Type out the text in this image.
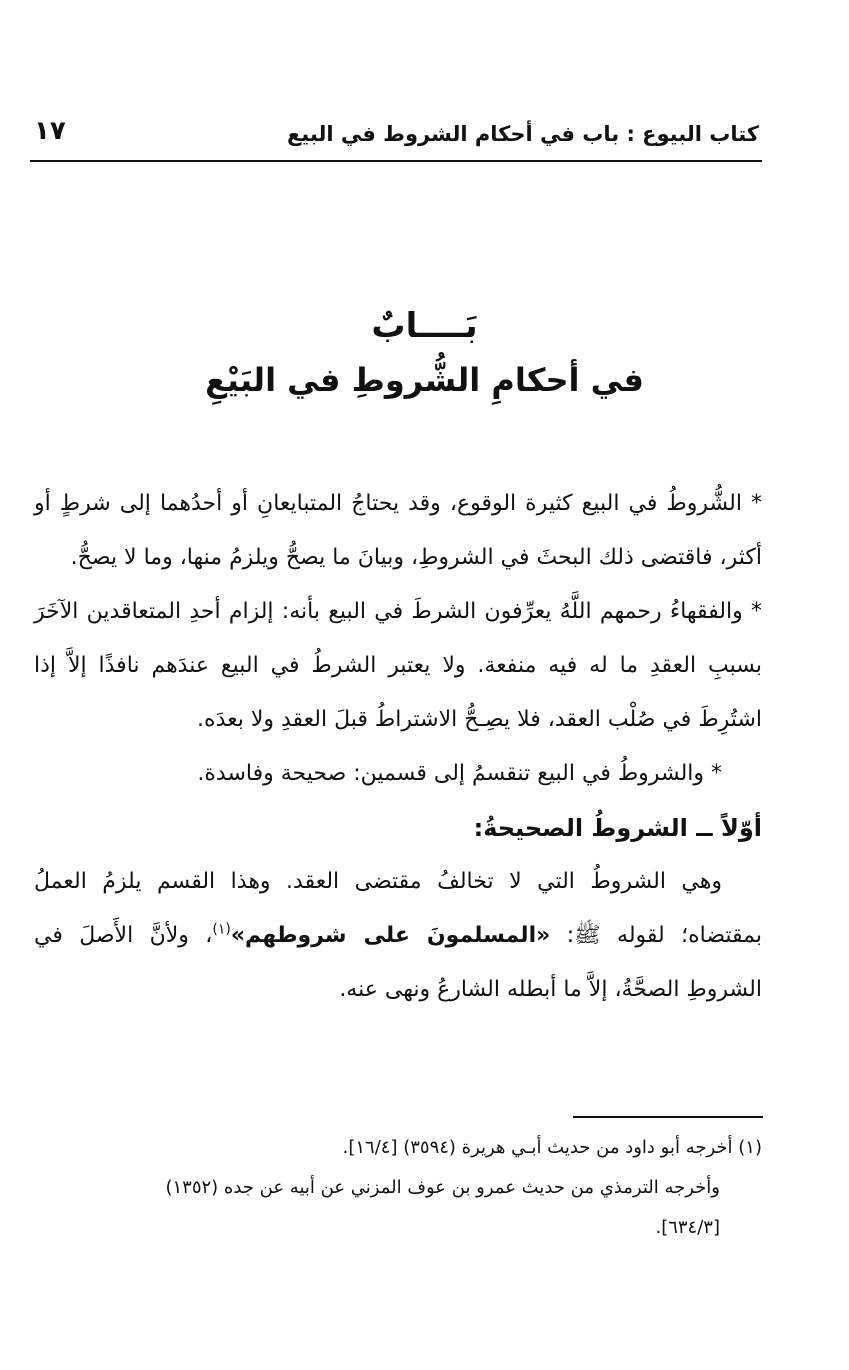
كتاب البيوع : باب في أحكام الشروط في البيع
١٧
بَــــابٌ
في أحكامِ الشُّروطِ في البَيْعِ

* الشُّروطُ في البيع كثيرة الوقوع، وقد يحتاجُ المتبايعانِ أو أحدُهما إلى شرطٍ أو أكثر، فاقتضى ذلك البحثَ في الشروطِ، وبيانَ ما يصحُّ ويلزمُ منها، وما لا يصحُّ.

* والفقهاءُ رحمهم اللَّهُ يعرِّفون الشرطَ في البيع بأنه: إلزام أحدِ المتعاقدين الآخَرَ بسببِ العقدِ ما له فيه منفعة. ولا يعتبر الشرطُ في البيع عندَهم نافذًا إلاَّ إذا اشتُرِطَ في صُلْب العقد، فلا يصِـحُّ الاشتراطُ قبلَ العقدِ ولا بعدَه.

* والشروطُ في البيع تنقسمُ إلى قسمين: صحيحة وفاسدة.

أوّلاً ــ الشروطُ الصحيحةُ:

وهي الشروطُ التي لا تخالفُ مقتضى العقد. وهذا القسم يلزمُ العملُ بمقتضاه؛ لقوله ﷺ: «المسلمونَ على شروطهم»$^{(١)}$، ولأنَّ الأَصلَ في الشروطِ الصحَّةُ، إلاَّ ما أبطله الشارعُ ونهى عنه.

(١) أخرجه أبو داود من حديث أبـي هريرة (٣٥٩٤) [١٦/٤].

وأخرجه الترمذي من حديث عمرو بن عوف المزني عن أبيه عن جده (١٣٥٢)

[٦٣٤/٣].
